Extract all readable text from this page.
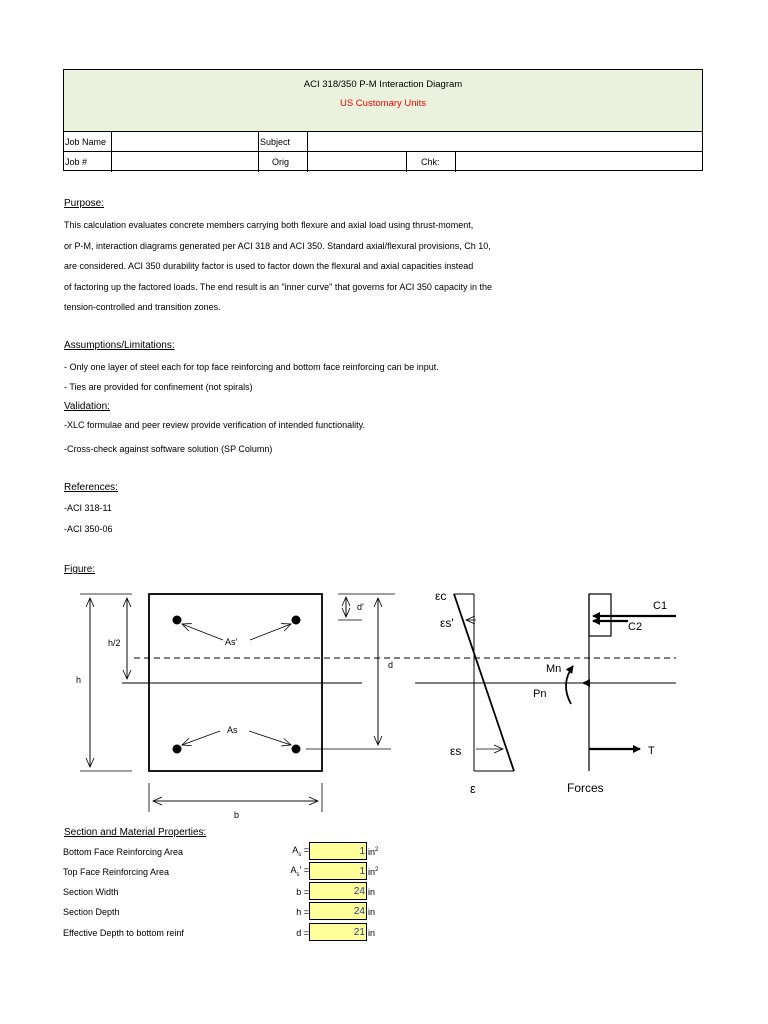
ACI 318/350 P-M Interaction Diagram
US Customary Units
Job Name	Subject
Job #	Orig	Chk:
Purpose:
This calculation evaluates concrete members carrying both flexure and axial load using thrust-moment,
or P-M, interaction diagrams generated per ACI 318 and ACI 350. Standard axial/flexural provisions, Ch 10,
are considered. ACI 350 durability factor is used to factor down the flexural and axial capacities instead
of factoring up the factored loads. The end result is an "inner curve" that governs for ACI 350 capacity in the
tension-controlled and transition zones.
Assumptions/Limitations:
- Only one layer of steel each for top face reinforcing and bottom face reinforcing can be input.
- Ties are provided for confinement (not spirals)
Validation:
-XLC formulae and peer review provide verification of intended functionality.
-Cross-check against software solution (SP Column)
References:
-ACI 318-11
-ACI 350-06
Figure:
As'
As
h
h/2
d'
d
b
εc
εs'
εs
ε
C1
C2
Mn
Pn
T
Forces
Section and Material Properties:
Bottom Face Reinforcing Area	$A_s$ =	1 $in^2$
Top Face Reinforcing Area	$A_s'$ =	1 $in^2$
Section Width	b =	24 in
Section Depth	h =	24 in
Effective Depth to bottom reinf	d =	21 in
